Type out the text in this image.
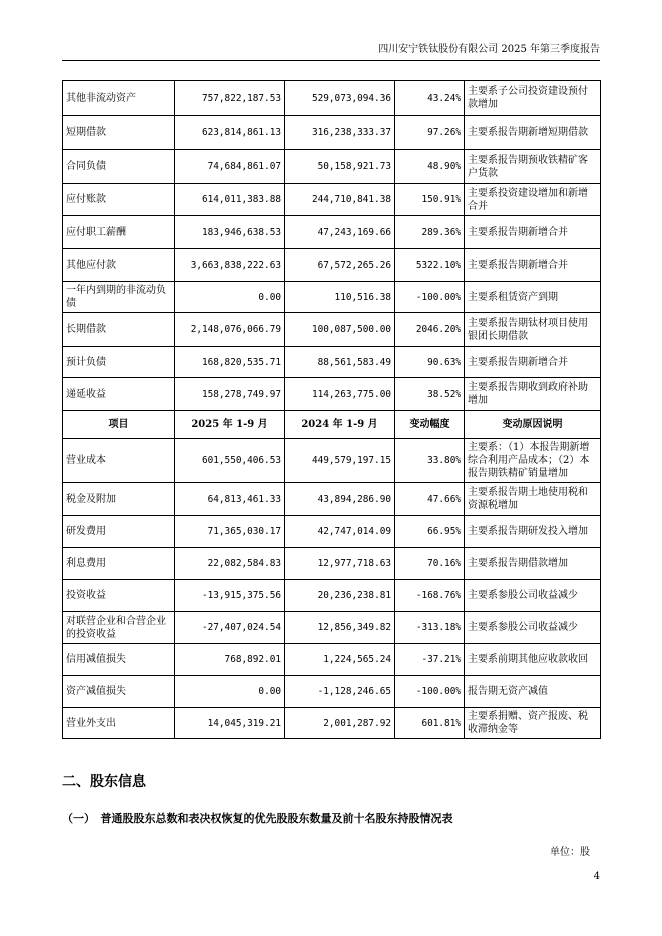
四川安宁铁钛股份有限公司 2025 年第三季度报告
其他非流动资产	757,822,187.53	529,073,094.36	43.24%	主要系子公司投资建设预付款增加
短期借款	623,814,861.13	316,238,333.37	97.26%	主要系报告期新增短期借款
合同负债	74,684,861.07	50,158,921.73	48.90%	主要系报告期预收铁精矿客户货款
应付账款	614,011,383.88	244,710,841.38	150.91%	主要系投资建设增加和新增合并
应付职工薪酬	183,946,638.53	47,243,169.66	289.36%	主要系报告期新增合并
其他应付款	3,663,838,222.63	67,572,265.26	5322.10%	主要系报告期新增合并
一年内到期的非流动负债	0.00	110,516.38	-100.00%	主要系租赁资产到期
长期借款	2,148,076,066.79	100,087,500.00	2046.20%	主要系报告期钛材项目使用银团长期借款
预计负债	168,820,535.71	88,561,583.49	90.63%	主要系报告期新增合并
递延收益	158,278,749.97	114,263,775.00	38.52%	主要系报告期收到政府补助增加
项目	2025 年 1-9 月	2024 年 1-9 月	变动幅度	变动原因说明
营业成本	601,550,406.53	449,579,197.15	33.80%	主要系：（1）本报告期新增综合利用产品成本；（2）本报告期铁精矿销量增加
税金及附加	64,813,461.33	43,894,286.90	47.66%	主要系报告期土地使用税和资源税增加
研发费用	71,365,030.17	42,747,014.09	66.95%	主要系报告期研发投入增加
利息费用	22,082,584.83	12,977,718.63	70.16%	主要系报告期借款增加
投资收益	-13,915,375.56	20,236,238.81	-168.76%	主要系参股公司收益减少
对联营企业和合营企业的投资收益	-27,407,024.54	12,856,349.82	-313.18%	主要系参股公司收益减少
信用减值损失	768,892.01	1,224,565.24	-37.21%	主要系前期其他应收款收回
资产减值损失	0.00	-1,128,246.65	-100.00%	报告期无资产减值
营业外支出	14,045,319.21	2,001,287.92	601.81%	主要系捐赠、资产报废、税收滞纳金等
二、股东信息
（一）　普通股股东总数和表决权恢复的优先股股东数量及前十名股东持股情况表
单位：股
4
